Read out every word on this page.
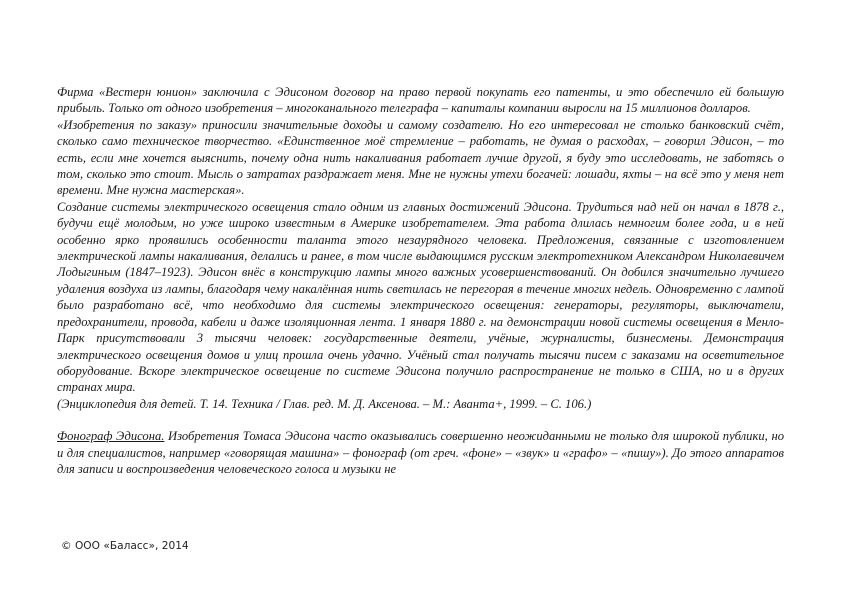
Фирма «Вестерн юнион» заключила с Эдисоном договор на право первой покупать его патенты, и это обеспечило ей большую прибыль. Только от одного изобретения – многоканального телеграфа – капиталы компании выросли на 15 миллионов долларов.

«Изобретения по заказу» приносили значительные доходы и самому создателю. Но его интересовал не столько банковский счёт, сколько само техническое творчество. «Единственное моё стремление – работать, не думая о расходах, – говорил Эдисон, – то есть, если мне хочется выяснить, почему одна нить накаливания работает лучше другой, я буду это исследовать, не заботясь о том, сколько это стоит. Мысль о затратах раздражает меня. Мне не нужны утехи богачей: лошади, яхты – на всё это у меня нет времени. Мне нужна мастерская».

Создание системы электрического освещения стало одним из главных достижений Эдисона. Трудиться над ней он начал в 1878 г., будучи ещё молодым, но уже широко известным в Америке изобретателем. Эта работа длилась немногим более года, и в ней особенно ярко проявились особенности таланта этого незаурядного человека. Предложения, связанные с изготовлением электрической лампы накаливания, делались и ранее, в том числе выдающимся русским электротехником Александром Николаевичем Лодыгиным (1847–1923). Эдисон внёс в конструкцию лампы много важных усовершенствований. Он добился значительно лучшего удаления воздуха из лампы, благодаря чему накалённая нить светилась не перегорая в течение многих недель. Одновременно с лампой было разработано всё, что необходимо для системы электрического освещения: генераторы, регуляторы, выключатели, предохранители, провода, кабели и даже изоляционная лента. 1 января 1880 г. на демонстрации новой системы освещения в Менло-Парк присутствовали 3 тысячи человек: государственные деятели, учёные, журналисты, бизнесмены. Демонстрация электрического освещения домов и улиц прошла очень удачно. Учёный стал получать тысячи писем с заказами на осветительное оборудование. Вскоре электрическое освещение по системе Эдисона получило распространение не только в США, но и в других странах мира.

(Энциклопедия для детей. Т. 14. Техника / Глав. ред. М. Д. Аксенова. – М.: Аванта+, 1999. – С. 106.)

Фонограф Эдисона. Изобретения Томаса Эдисона часто оказывались совершенно неожиданными не только для широкой публики, но и для специалистов, например «говорящая машина» – фонограф (от греч. «фоне» – «звук» и «графо» – «пишу»). До этого аппаратов для записи и воспроизведения человеческого голоса и музыки не

© ООО «Баласс», 2014
